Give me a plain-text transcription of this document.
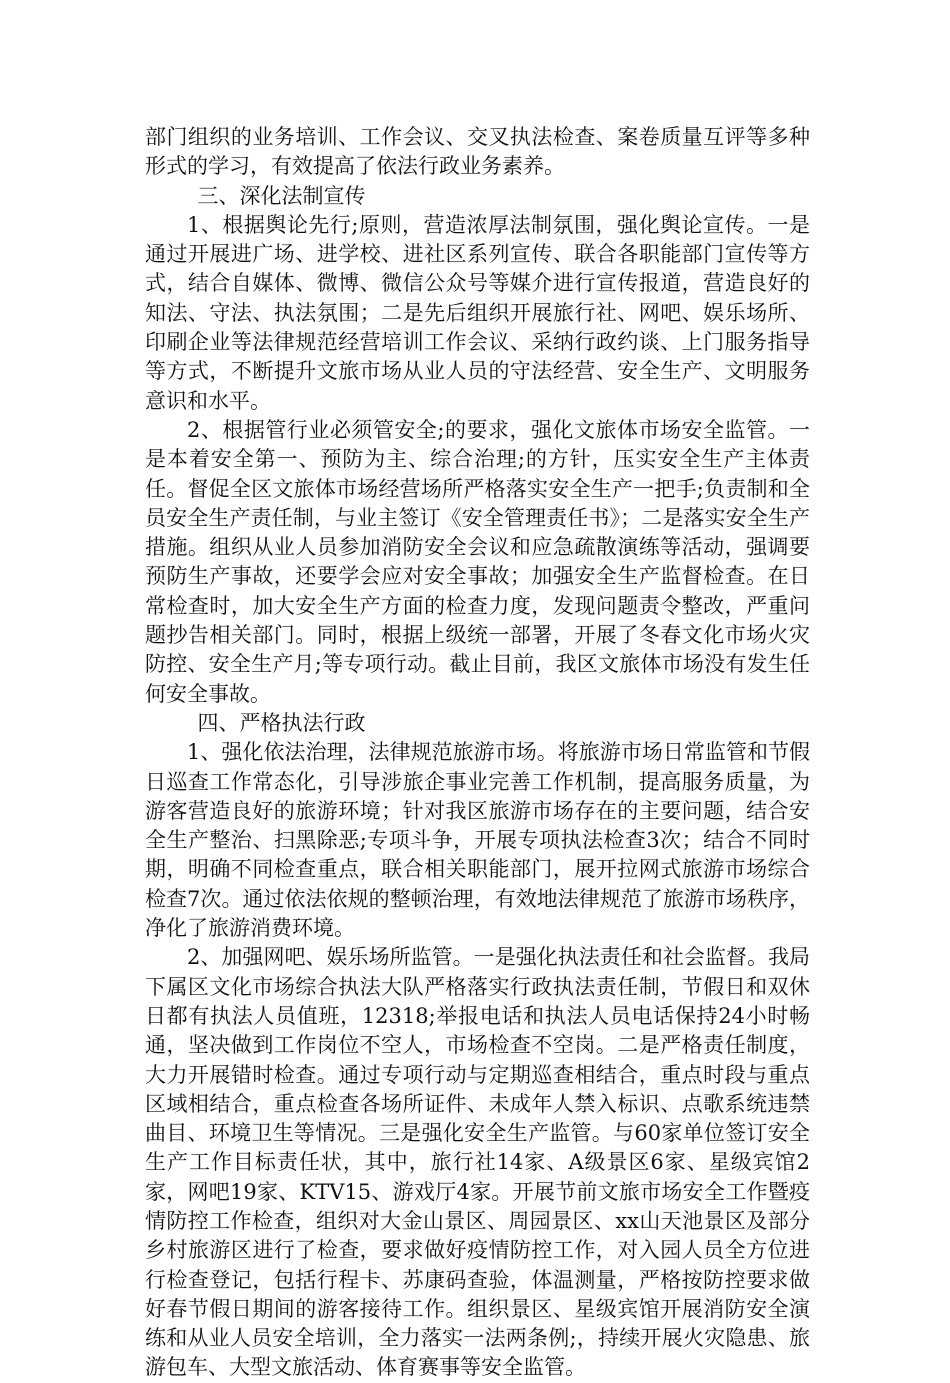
部门组织的业务培训、工作会议、交叉执法检查、案卷质量互评等多种形式的学习，有效提高了依法行政业务素养。

三、深化法制宣传

1、根据舆论先行;原则，营造浓厚法制氛围，强化舆论宣传。一是通过开展进广场、进学校、进社区系列宣传、联合各职能部门宣传等方式，结合自媒体、微博、微信公众号等媒介进行宣传报道，营造良好的知法、守法、执法氛围；二是先后组织开展旅行社、网吧、娱乐场所、印刷企业等法律规范经营培训工作会议、采纳行政约谈、上门服务指导等方式，不断提升文旅市场从业人员的守法经营、安全生产、文明服务意识和水平。

2、根据管行业必须管安全;的要求，强化文旅体市场安全监管。一是本着安全第一、预防为主、综合治理;的方针，压实安全生产主体责任。督促全区文旅体市场经营场所严格落实安全生产一把手;负责制和全员安全生产责任制，与业主签订《安全管理责任书》；二是落实安全生产措施。组织从业人员参加消防安全会议和应急疏散演练等活动，强调要预防生产事故，还要学会应对安全事故；加强安全生产监督检查。在日常检查时，加大安全生产方面的检查力度，发现问题责令整改，严重问题抄告相关部门。同时，根据上级统一部署，开展了冬春文化市场火灾防控、安全生产月;等专项行动。截止目前，我区文旅体市场没有发生任何安全事故。

四、严格执法行政

1、强化依法治理，法律规范旅游市场。将旅游市场日常监管和节假日巡查工作常态化，引导涉旅企事业完善工作机制，提高服务质量，为游客营造良好的旅游环境；针对我区旅游市场存在的主要问题，结合安全生产整治、扫黑除恶;专项斗争，开展专项执法检查3次；结合不同时期，明确不同检查重点，联合相关职能部门，展开拉网式旅游市场综合检查7次。通过依法依规的整顿治理，有效地法律规范了旅游市场秩序，净化了旅游消费环境。

2、加强网吧、娱乐场所监管。一是强化执法责任和社会监督。我局下属区文化市场综合执法大队严格落实行政执法责任制，节假日和双休日都有执法人员值班，12318;举报电话和执法人员电话保持24小时畅通，坚决做到工作岗位不空人，市场检查不空岗。二是严格责任制度，大力开展错时检查。通过专项行动与定期巡查相结合，重点时段与重点区域相结合，重点检查各场所证件、未成年人禁入标识、点歌系统违禁曲目、环境卫生等情况。三是强化安全生产监管。与60家单位签订安全生产工作目标责任状，其中，旅行社14家、A级景区6家、星级宾馆2家，网吧19家、KTV15、游戏厅4家。开展节前文旅市场安全工作暨疫情防控工作检查，组织对大金山景区、周园景区、xx山天池景区及部分乡村旅游区进行了检查，要求做好疫情防控工作，对入园人员全方位进行检查登记，包括行程卡、苏康码查验，体温测量，严格按防控要求做好春节假日期间的游客接待工作。组织景区、星级宾馆开展消防安全演练和从业人员安全培训，全力落实一法两条例;，持续开展火灾隐患、旅游包车、大型文旅活动、体育赛事等安全监管。
